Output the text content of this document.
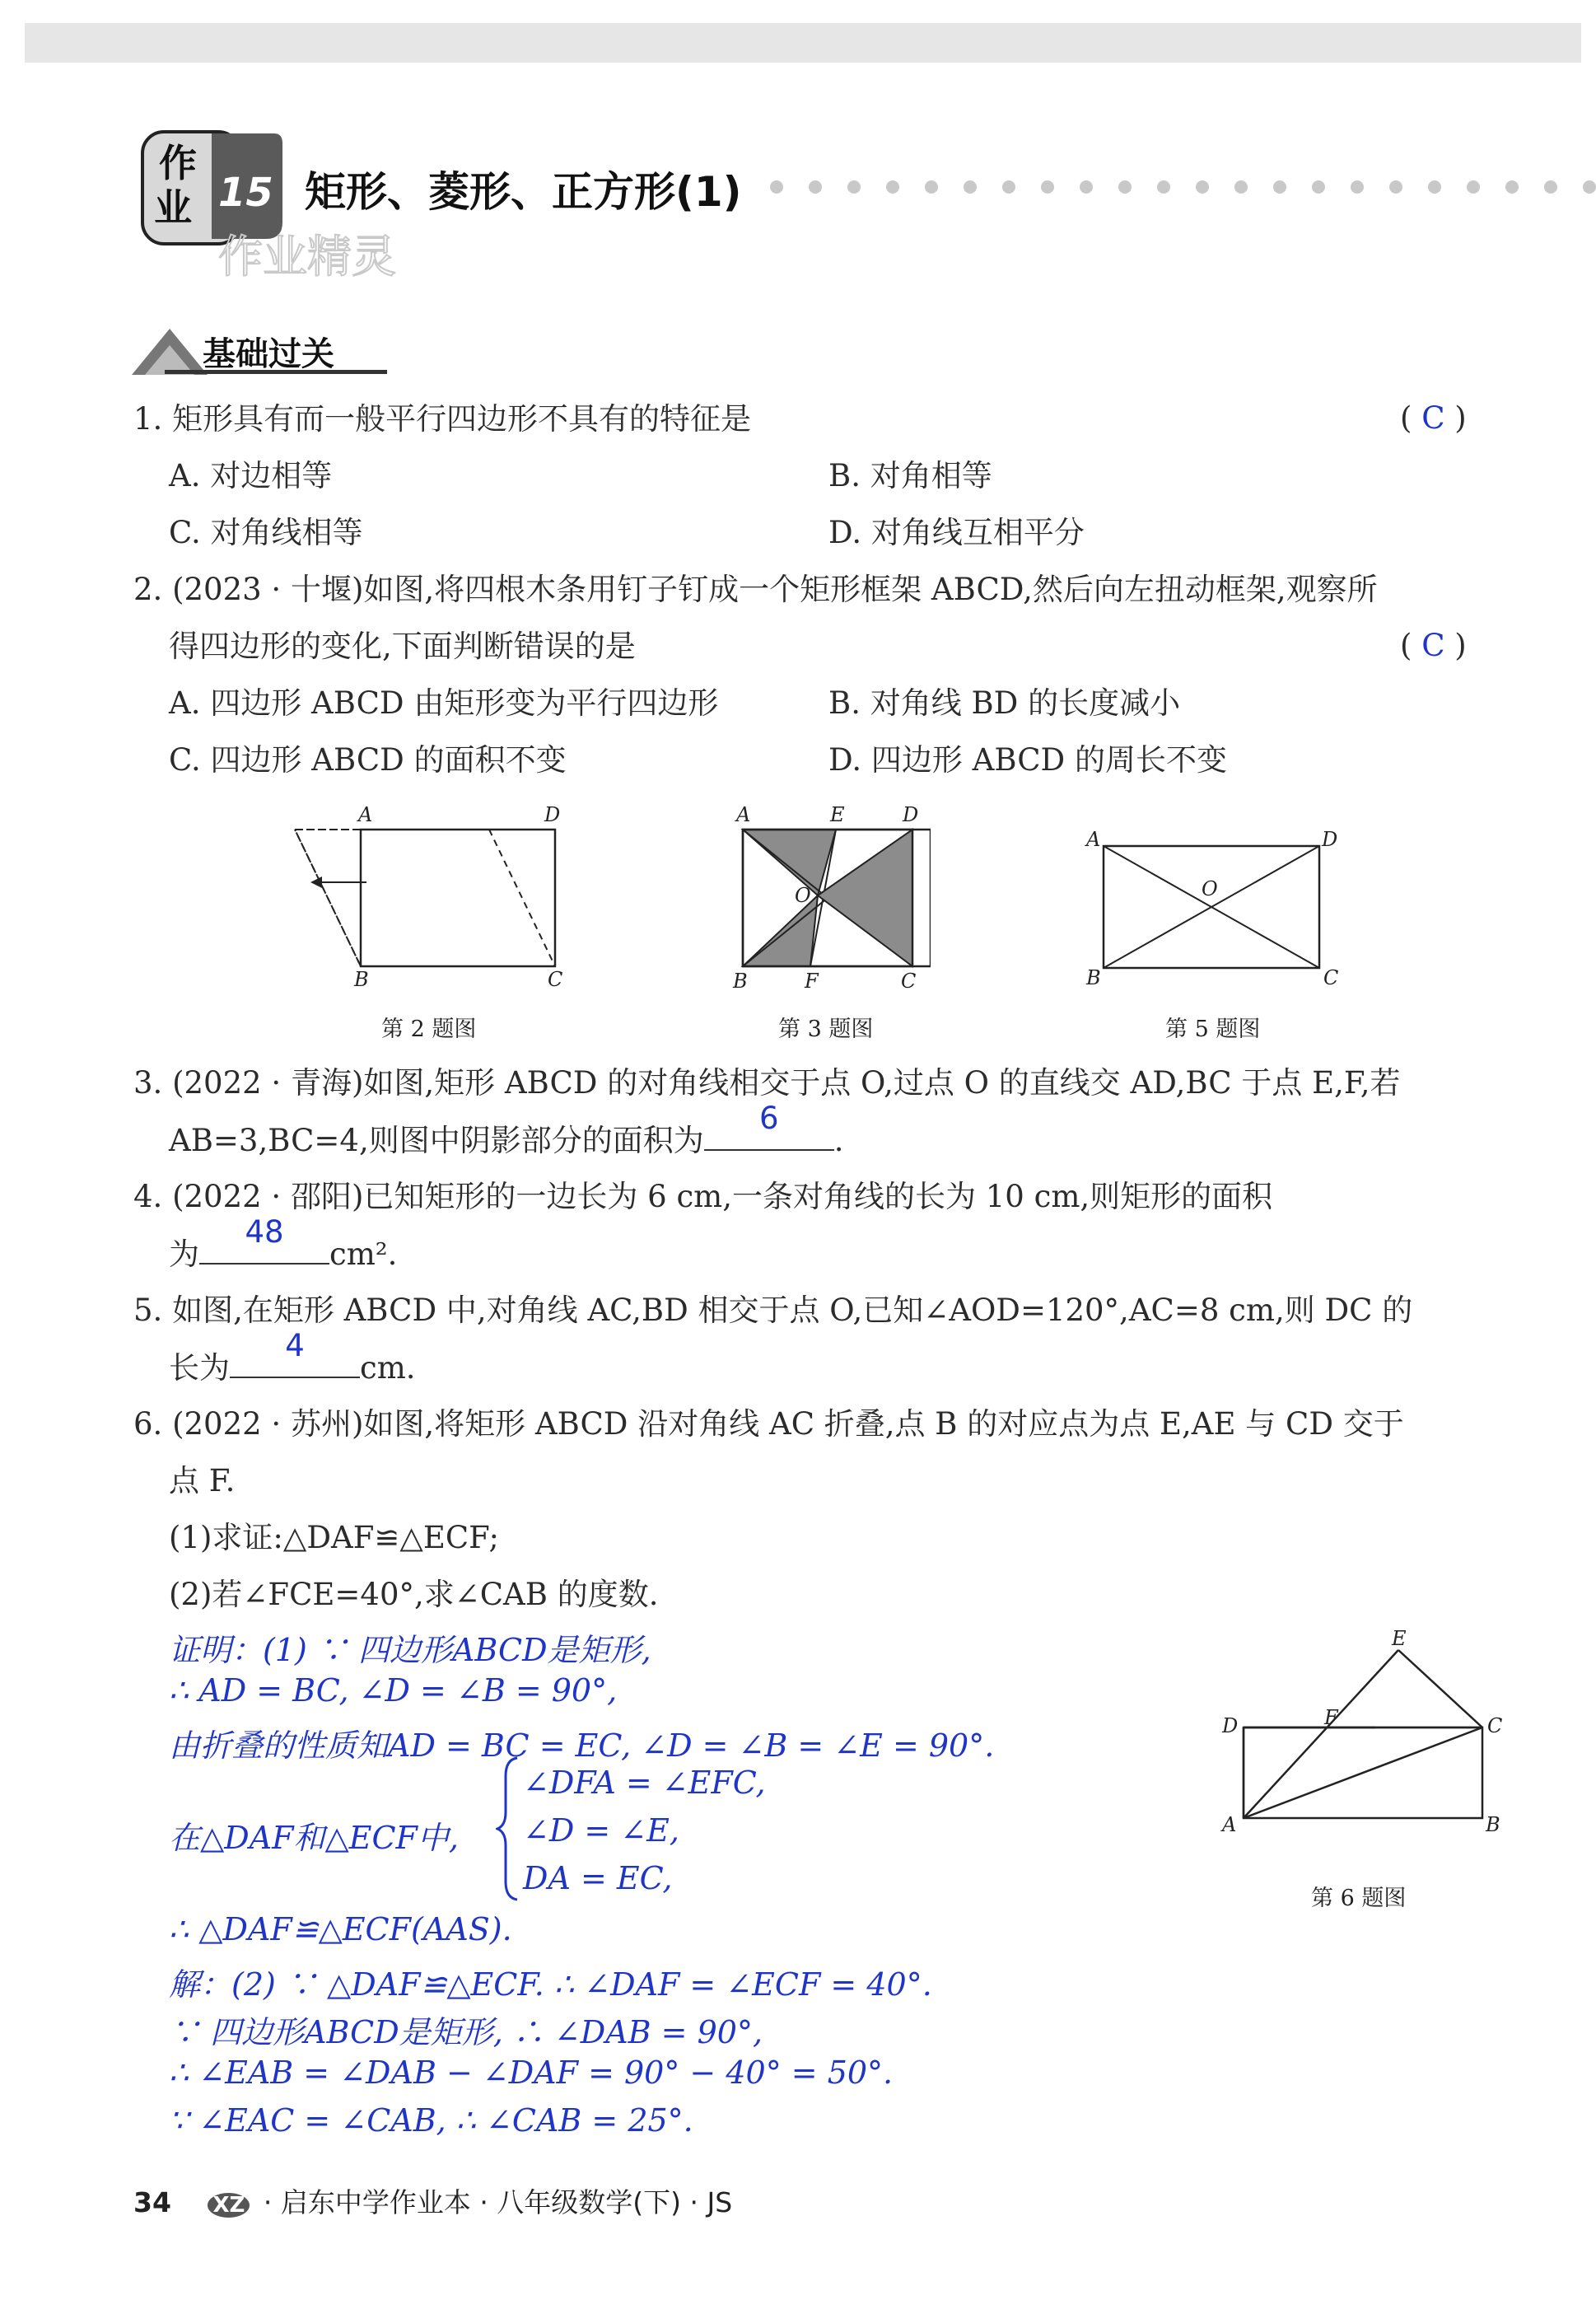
作
业 15
作业精灵
矩形、菱形、正方形(1)
基础过关
1. 矩形具有而一般平行四边形不具有的特征是	( C )
A. 对边相等	B. 对角相等
C. 对角线相等	D. 对角线互相平分
2. (2023 · 十堰)如图,将四根木条用钉子钉成一个矩形框架 ABCD,然后向左扭动框架,观察所
得四边形的变化,下面判断错误的是	( C )
A. 四边形 ABCD 由矩形变为平行四边形	B. 对角线 BD 的长度减小
C. 四边形 ABCD 的面积不变	D. 四边形 ABCD 的周长不变
A	D
B	C
第 2 题图
A	E	D
O
B	F	C
第 3 题图
A	D
O
B	C
第 5 题图
3. (2022 · 青海)如图,矩形 ABCD 的对角线相交于点 O,过点 O 的直线交 AD,BC 于点 E,F,若
AB=3,BC=4,则图中阴影部分的面积为
6
.
4. (2022 · 邵阳)已知矩形的一边长为 6 cm,一条对角线的长为 10 cm,则矩形的面积
为
48
cm².
5. 如图,在矩形 ABCD 中,对角线 AC,BD 相交于点 O,已知∠AOD=120°,AC=8 cm,则 DC 的
长为
4
cm.
6. (2022 · 苏州)如图,将矩形 ABCD 沿对角线 AC 折叠,点 B 的对应点为点 E,AE 与 CD 交于
点 F.
(1)求证:△DAF≌△ECF;
(2)若∠FCE=40°,求∠CAB 的度数.
证明：(1) ∵ 四边形ABCD是矩形,
∴ AD = BC, ∠D = ∠B = 90°,
由折叠的性质知AD = BC = EC, ∠D = ∠B = ∠E = 90°.
在△DAF和△ECF中,
∠DFA = ∠EFC,
∠D = ∠E,
DA = EC,
∴ △DAF≌△ECF(AAS).
解：(2) ∵ △DAF≌△ECF. ∴ ∠DAF = ∠ECF = 40°.
∵ 四边形ABCD是矩形, ∴ ∠DAB = 90°,
∴ ∠EAB = ∠DAB − ∠DAF = 90° − 40° = 50°.
∵ ∠EAC = ∠CAB, ∴ ∠CAB = 25°.
E
D	F	C
A	B
第 6 题图
34 XZ · 启东中学作业本 · 八年级数学(下) · JS
